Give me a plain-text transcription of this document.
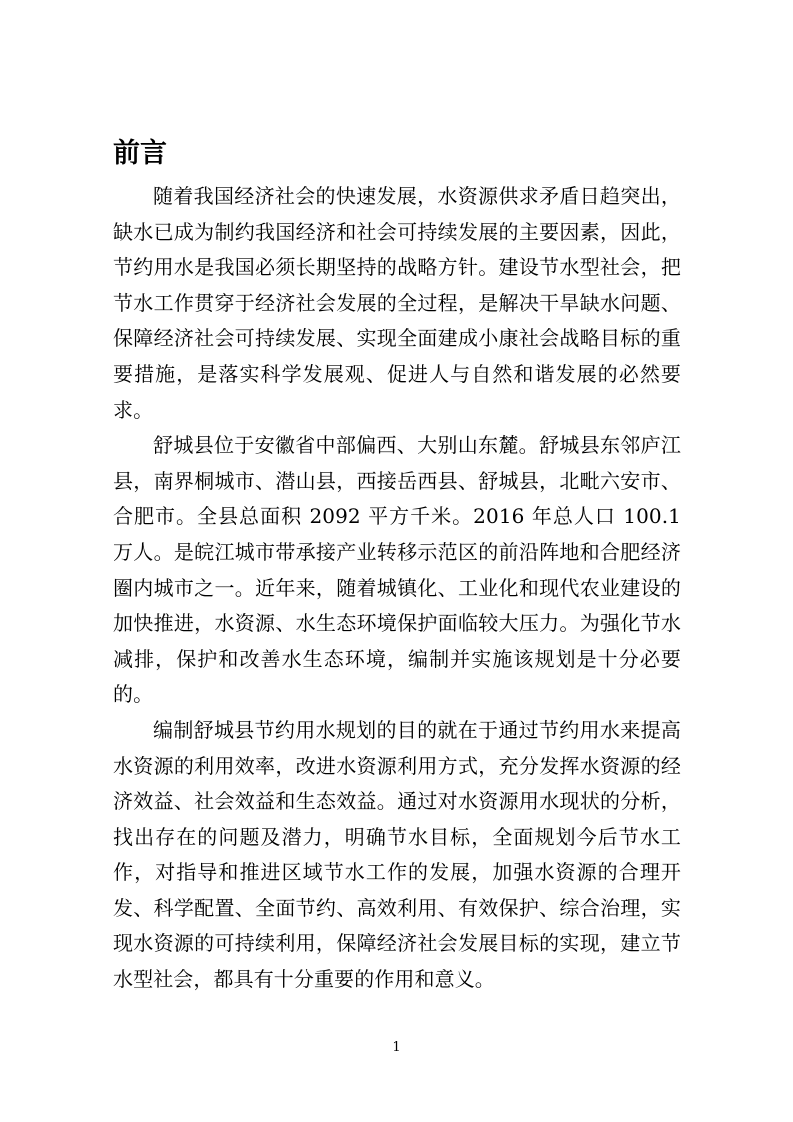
前言

随着我国经济社会的快速发展，水资源供求矛盾日趋突出，缺水已成为制约我国经济和社会可持续发展的主要因素，因此，节约用水是我国必须长期坚持的战略方针。建设节水型社会，把节水工作贯穿于经济社会发展的全过程，是解决干旱缺水问题、保障经济社会可持续发展、实现全面建成小康社会战略目标的重要措施，是落实科学发展观、促进人与自然和谐发展的必然要求。

舒城县位于安徽省中部偏西、大别山东麓。舒城县东邻庐江县，南界桐城市、潜山县，西接岳西县、舒城县，北毗六安市、合肥市。全县总面积 2092 平方千米。2016 年总人口 100.1 万人。是皖江城市带承接产业转移示范区的前沿阵地和合肥经济圈内城市之一。近年来，随着城镇化、工业化和现代农业建设的加快推进，水资源、水生态环境保护面临较大压力。为强化节水减排，保护和改善水生态环境，编制并实施该规划是十分必要的。

编制舒城县节约用水规划的目的就在于通过节约用水来提高水资源的利用效率，改进水资源利用方式，充分发挥水资源的经济效益、社会效益和生态效益。通过对水资源用水现状的分析，找出存在的问题及潜力，明确节水目标，全面规划今后节水工作，对指导和推进区域节水工作的发展，加强水资源的合理开发、科学配置、全面节约、高效利用、有效保护、综合治理，实现水资源的可持续利用，保障经济社会发展目标的实现，建立节水型社会，都具有十分重要的作用和意义。

1
